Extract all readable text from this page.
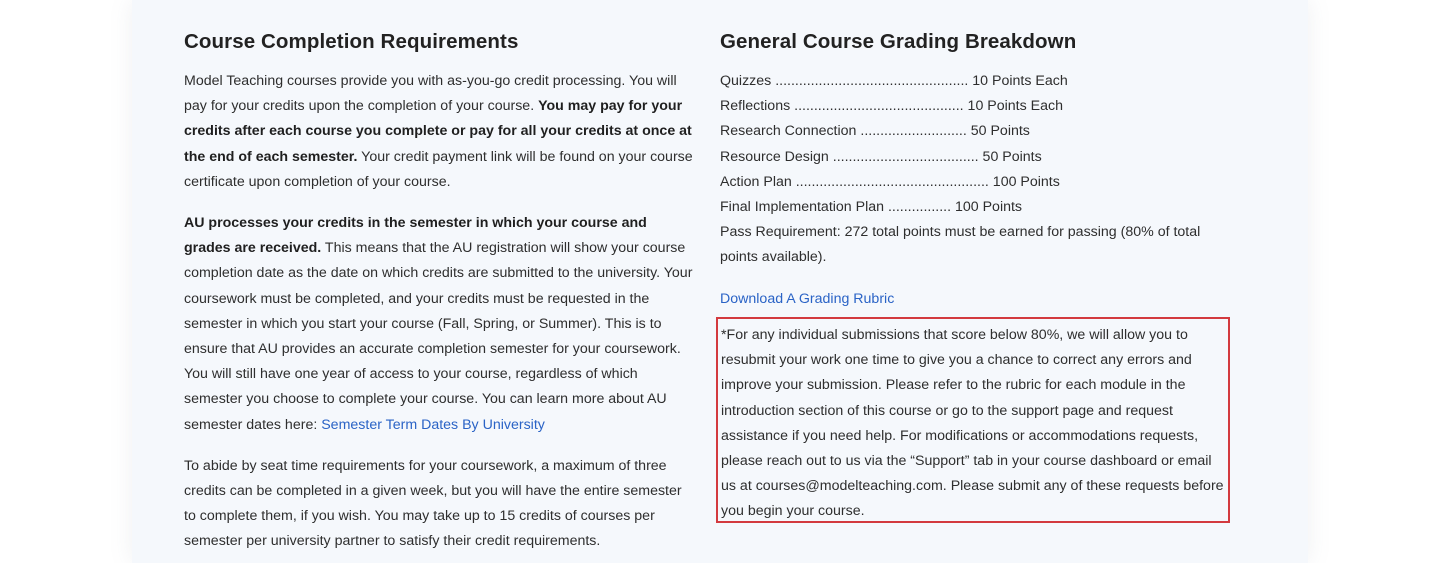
Course Completion Requirements

Model Teaching courses provide you with as-you-go credit processing. You will pay for your credits upon the completion of your course. You may pay for your credits after each course you complete or pay for all your credits at once at the end of each semester. Your credit payment link will be found on your course certificate upon completion of your course.

AU processes your credits in the semester in which your course and grades are received. This means that the AU registration will show your course completion date as the date on which credits are submitted to the university. Your coursework must be completed, and your credits must be requested in the semester in which you start your course (Fall, Spring, or Summer). This is to ensure that AU provides an accurate completion semester for your coursework. You will still have one year of access to your course, regardless of which semester you choose to complete your course. You can learn more about AU semester dates here: Semester Term Dates By University

To abide by seat time requirements for your coursework, a maximum of three credits can be completed in a given week, but you will have the entire semester to complete them, if you wish. You may take up to 15 credits of courses per semester per university partner to satisfy their credit requirements.

General Course Grading Breakdown
Quizzes ................................................. 10 Points Each
Reflections ........................................... 10 Points Each
Research Connection ........................... 50 Points
Resource Design ..................................... 50 Points
Action Plan ................................................. 100 Points
Final Implementation Plan ................ 100 Points

Pass Requirement: 272 total points must be earned for passing (80% of total points available).

Download A Grading Rubric

*For any individual submissions that score below 80%, we will allow you to resubmit your work one time to give you a chance to correct any errors and improve your submission. Please refer to the rubric for each module in the introduction section of this course or go to the support page and request assistance if you need help. For modifications or accommodations requests, please reach out to us via the “Support” tab in your course dashboard or email us at courses@modelteaching.com. Please submit any of these requests before you begin your course.
